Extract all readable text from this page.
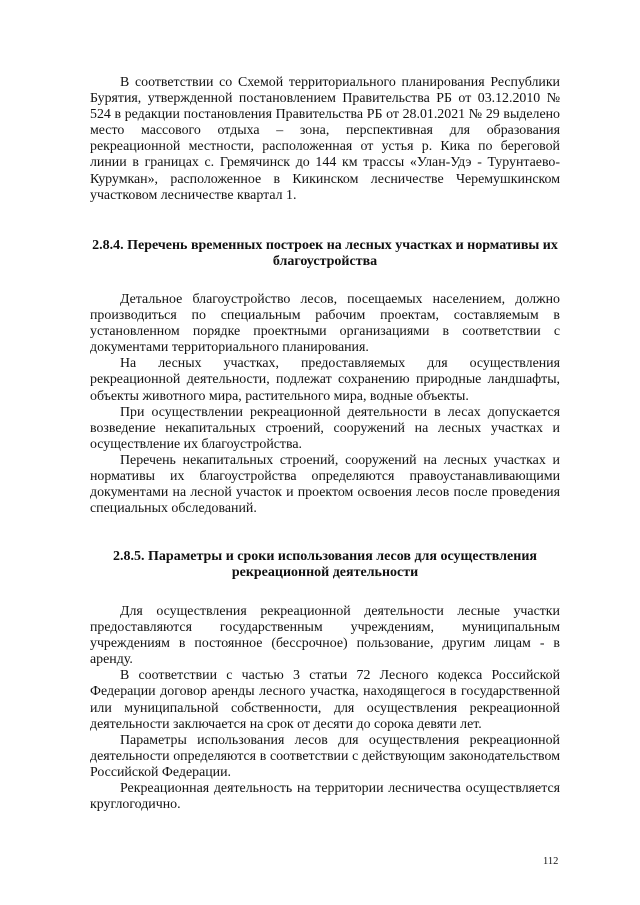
В соответствии со Схемой территориального планирования Республики Бурятия, утвержденной постановлением Правительства РБ от 03.12.2010 № 524 в редакции постановления Правительства РБ от 28.01.2021 № 29 выделено место массового отдыха – зона, перспективная для образования рекреационной местности, расположенная от устья р. Кика по береговой линии в границах с. Гремячинск до 144 км трассы «Улан-Удэ - Турунтаево-Курумкан», расположенное в Кикинском лесничестве Черемушкинском участковом лесничестве квартал 1.

2.8.4. Перечень временных построек на лесных участках и нормативы их благоустройства

Детальное благоустройство лесов, посещаемых населением, должно производиться по специальным рабочим проектам, составляемым в установленном порядке проектными организациями в соответствии с документами территориального планирования.

На лесных участках, предоставляемых для осуществления рекреационной деятельности, подлежат сохранению природные ландшафты, объекты животного мира, растительного мира, водные объекты.

При осуществлении рекреационной деятельности в лесах допускается возведение некапитальных строений, сооружений на лесных участках и осуществление их благоустройства.

Перечень некапитальных строений, сооружений на лесных участках и нормативы их благоустройства определяются правоустанавливающими документами на лесной участок и проектом освоения лесов после проведения специальных обследований.

2.8.5. Параметры и сроки использования лесов для осуществления рекреационной деятельности

Для осуществления рекреационной деятельности лесные участки предоставляются государственным учреждениям, муниципальным учреждениям в постоянное (бессрочное) пользование, другим лицам - в аренду.

В соответствии с частью 3 статьи 72 Лесного кодекса Российской Федерации договор аренды лесного участка, находящегося в государственной или муниципальной собственности, для осуществления рекреационной деятельности заключается на срок от десяти до сорока девяти лет.

Параметры использования лесов для осуществления рекреационной деятельности определяются в соответствии с действующим законодательством Российской Федерации.

Рекреационная деятельность на территории лесничества осуществляется круглогодично.

112
